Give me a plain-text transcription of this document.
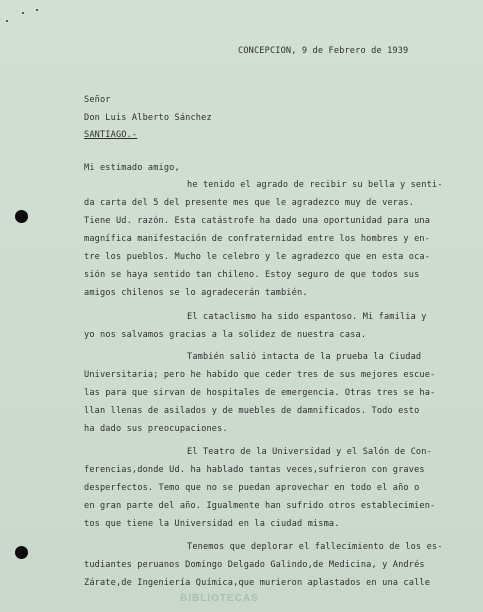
CONCEPCION, 9 de Febrero de 1939
Señor
Don Luis Alberto Sánchez
SANTIAGO.-
Mi estimado amigo,
he tenido el agrado de recibir su bella y senti-
da carta del 5 del presente mes que le agradezco muy de veras.
Tiene Ud. razón. Esta catástrofe ha dado una oportunidad para una
magnífica manifestación de confraternidad entre los hombres y en-
tre los pueblos. Mucho le celebro y le agradezco que en esta oca-
sión se haya sentido tan chileno. Estoy seguro de que todos sus
amigos chilenos se lo agradecerán también.
El cataclismo ha sido espantoso. Mi familia y
yo nos salvamos gracias a la solidez de nuestra casa.
También salió intacta de la prueba la Ciudad
Universitaria; pero he habido que ceder tres de sus mejores escue-
las para que sirvan de hospitales de emergencia. Otras tres se ha-
llan llenas de asilados y de muebles de damnificados. Todo esto
ha dado sus preocupaciones.
El Teatro de la Universidad y el Salón de Con-
ferencias,donde Ud. ha hablado tantas veces,sufrieron con graves
desperfectos. Temo que no se puedan aprovechar en todo el año o
en gran parte del año. Igualmente han sufrido otros establecimien-
tos que tiene la Universidad en la ciudad misma.
Tenemos que deplorar el fallecimiento de los es-
tudiantes peruanos Domingo Delgado Galindo,de Medicina, y Andrés
Zárate,de Ingeniería Química,que murieron aplastados en una calle
BIBLIOTECAS
